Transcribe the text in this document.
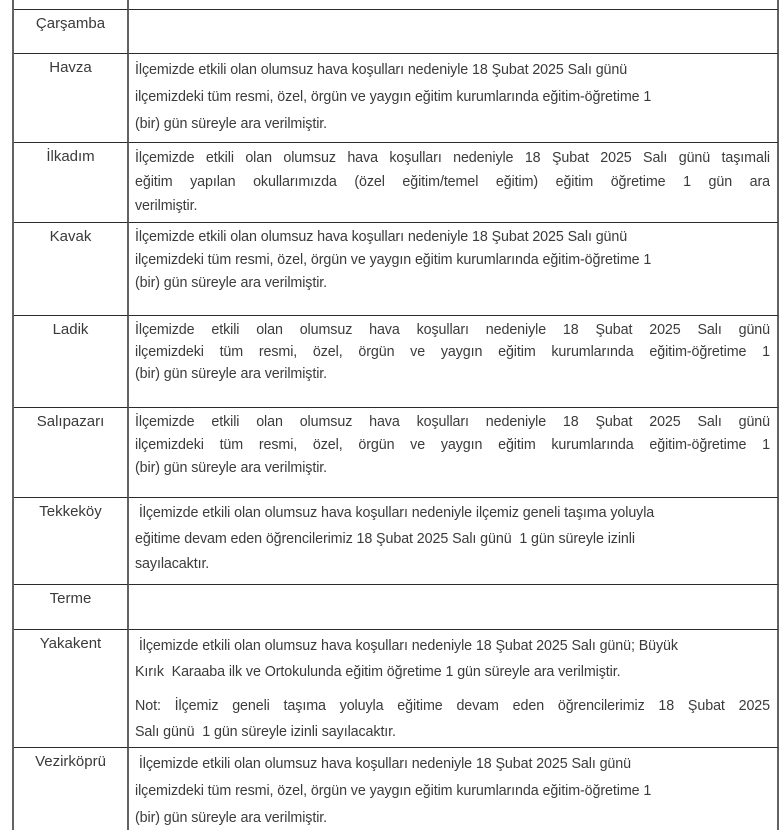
Çarşamba
Havza	İlçemizde etkili olan olumsuz hava koşulları nedeniyle 18 Şubat 2025 Salı günü
ilçemizdeki tüm resmi, özel, örgün ve yaygın eğitim kurumlarında eğitim-öğretime 1
(bir) gün süreyle ara verilmiştir.

İlkadım	İlçemizde etkili olan olumsuz hava koşulları nedeniyle 18 Şubat 2025 Salı günü taşımali
eğitim yapılan okullarımızda (özel eğitim/temel eğitim) eğitim öğretime 1 gün ara
verilmiştir.

Kavak	İlçemizde etkili olan olumsuz hava koşulları nedeniyle 18 Şubat 2025 Salı günü
ilçemizdeki tüm resmi, özel, örgün ve yaygın eğitim kurumlarında eğitim-öğretime 1
(bir) gün süreyle ara verilmiştir.

Ladik	İlçemizde etkili olan olumsuz hava koşulları nedeniyle 18 Şubat 2025 Salı günü
ilçemizdeki tüm resmi, özel, örgün ve yaygın eğitim kurumlarında eğitim-öğretime 1
(bir) gün süreyle ara verilmiştir.

Salıpazarı	İlçemizde etkili olan olumsuz hava koşulları nedeniyle 18 Şubat 2025 Salı günü
ilçemizdeki tüm resmi, özel, örgün ve yaygın eğitim kurumlarında eğitim-öğretime 1
(bir) gün süreyle ara verilmiştir.

Tekkeköy	İlçemizde etkili olan olumsuz hava koşulları nedeniyle ilçemiz geneli taşıma yoluyla
eğitime devam eden öğrencilerimiz 18 Şubat 2025 Salı günü  1 gün süreyle izinli
sayılacaktır.

Terme
Yakakent	İlçemizde etkili olan olumsuz hava koşulları nedeniyle 18 Şubat 2025 Salı günü; Büyük
Kırık  Karaaba ilk ve Ortokulunda eğitim öğretime 1 gün süreyle ara verilmiştir.

Not: İlçemiz geneli taşıma yoluyla eğitime devam eden öğrencilerimiz 18 Şubat 2025
Salı günü  1 gün süreyle izinli sayılacaktır.

Vezirköprü	İlçemizde etkili olan olumsuz hava koşulları nedeniyle 18 Şubat 2025 Salı günü
ilçemizdeki tüm resmi, özel, örgün ve yaygın eğitim kurumlarında eğitim-öğretime 1
(bir) gün süreyle ara verilmiştir.
